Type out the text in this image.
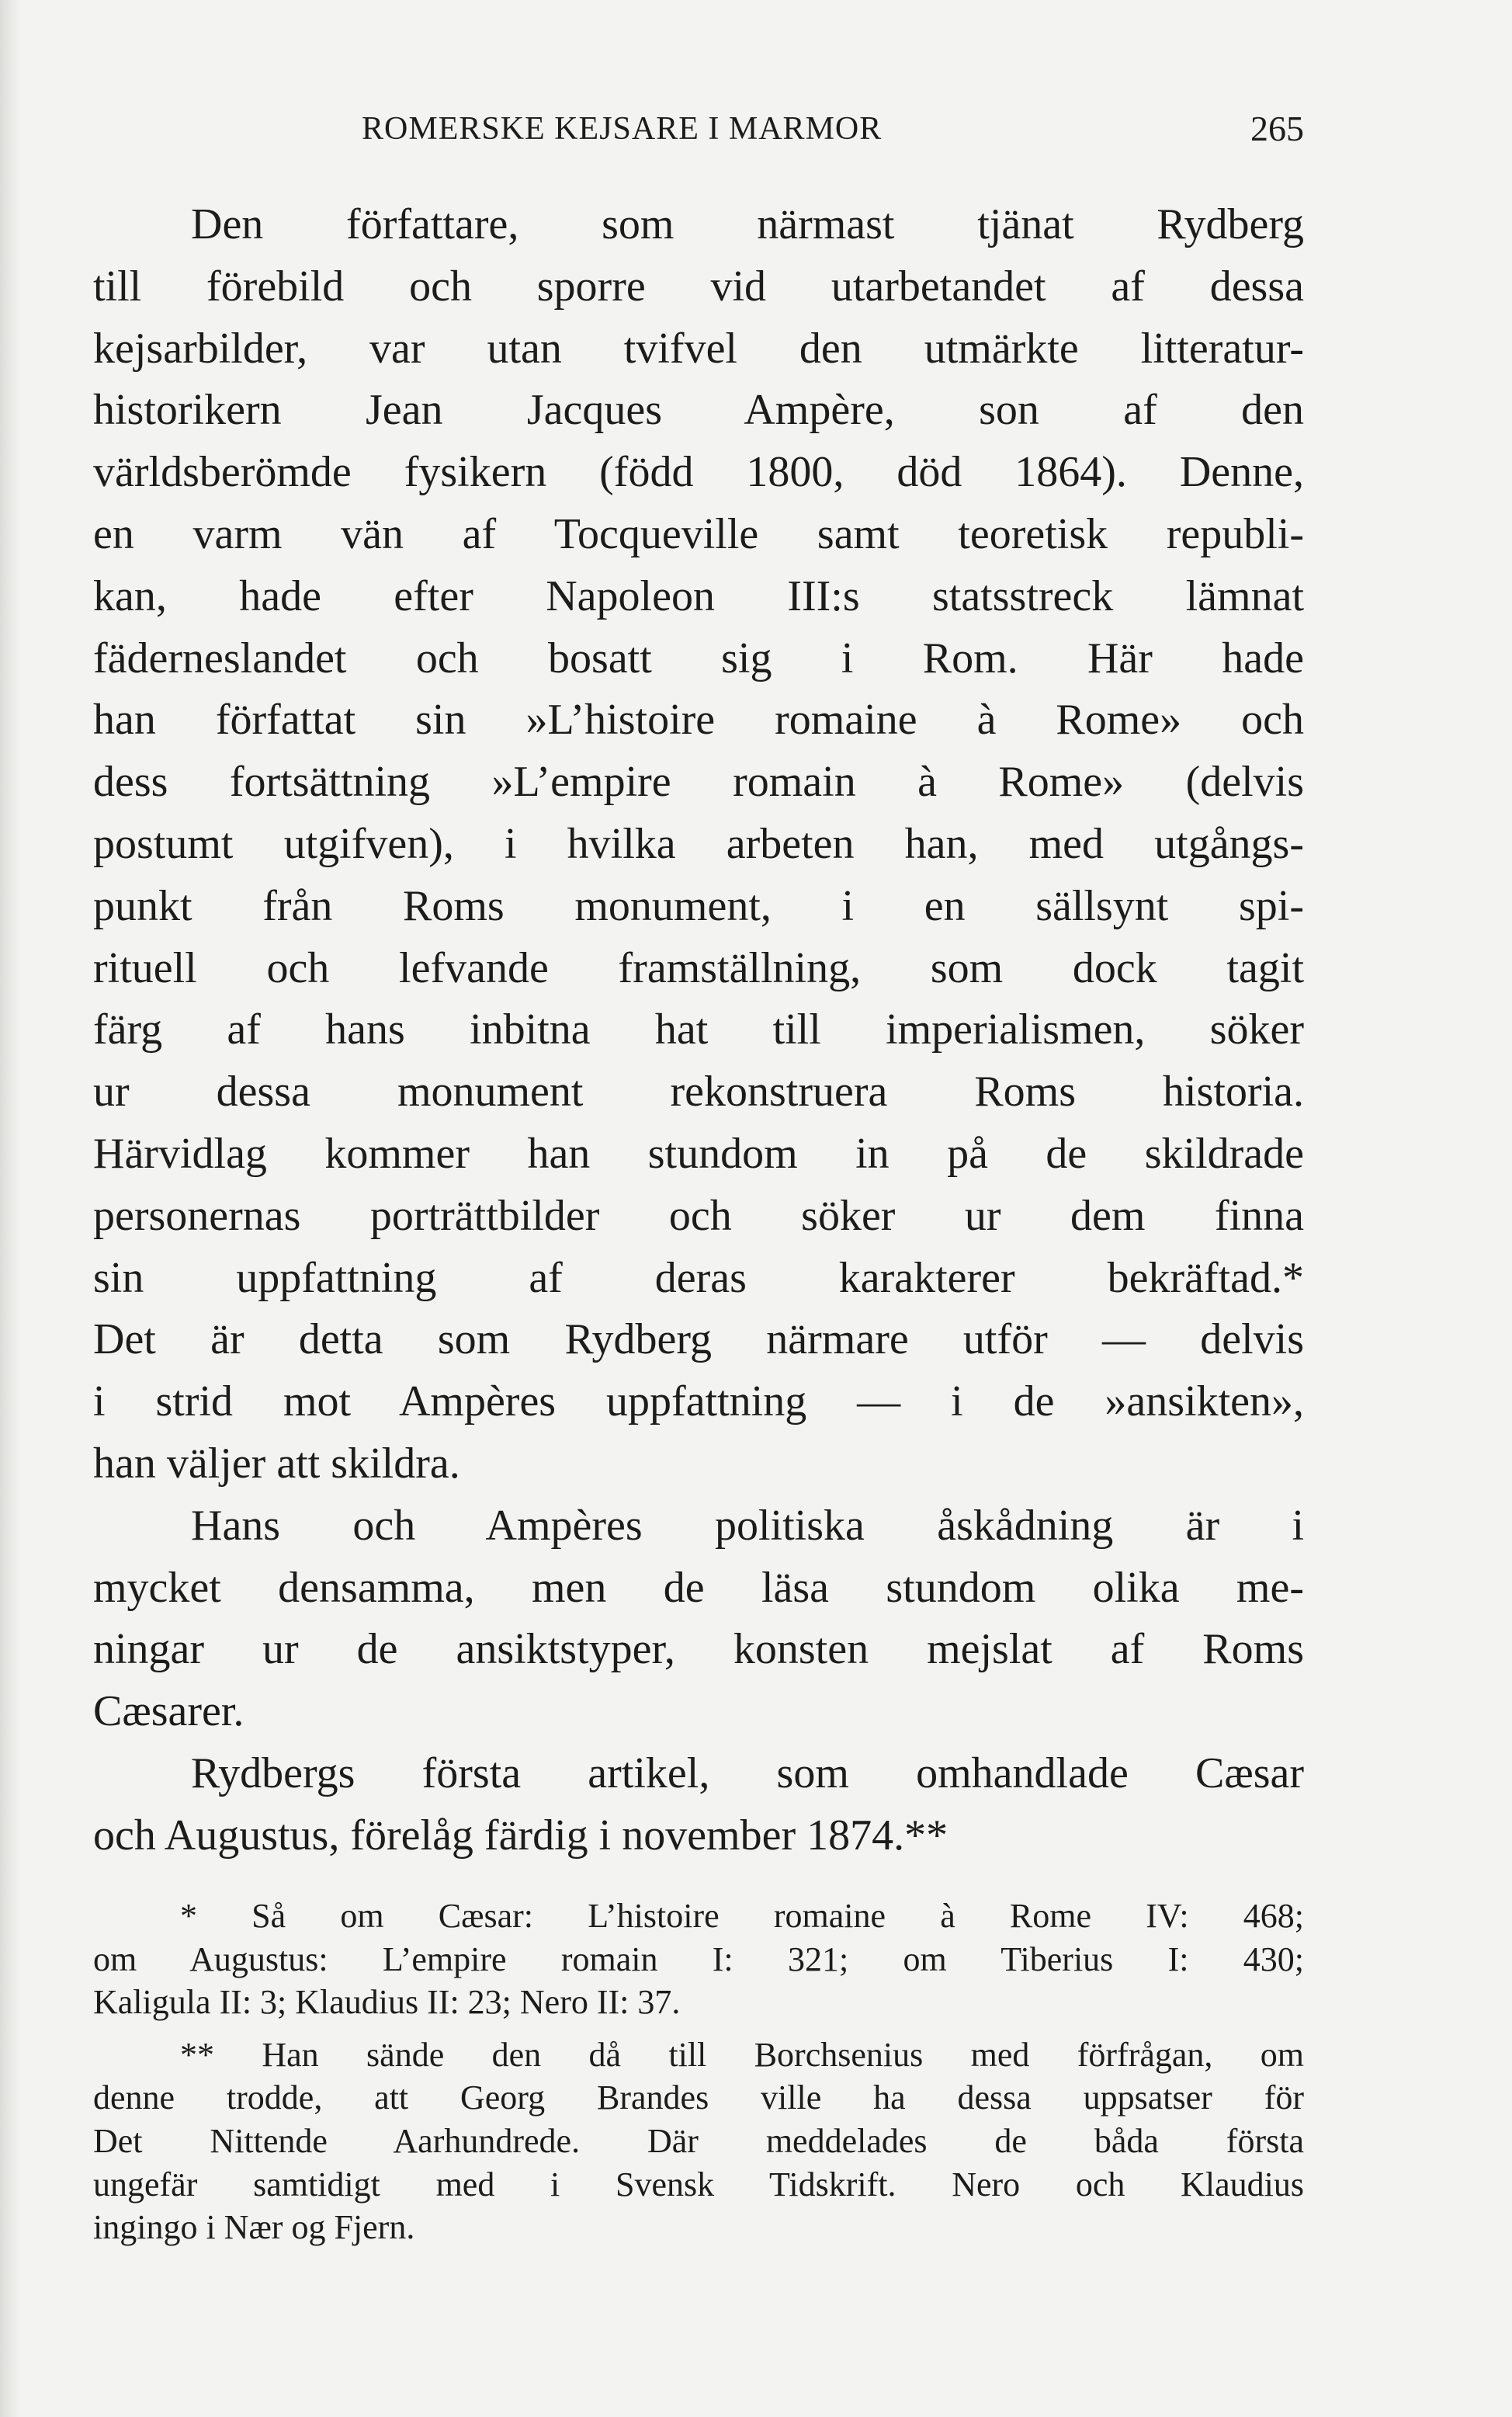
ROMERSKE KEJSARE I MARMOR	265
Den författare, som närmast tjänat Rydberg
till förebild och sporre vid utarbetandet af dessa
kejsarbilder, var utan tvifvel den utmärkte litteratur-
historikern Jean Jacques Ampère, son af den
världsberömde fysikern (född 1800, död 1864). Denne,
en varm vän af Tocqueville samt teoretisk republi-
kan, hade efter Napoleon III:s statsstreck lämnat
fäderneslandet och bosatt sig i Rom. Här hade
han författat sin »L’histoire romaine à Rome» och
dess fortsättning »L’empire romain à Rome» (delvis
postumt utgifven), i hvilka arbeten han, med utgångs-
punkt från Roms monument, i en sällsynt spi-
rituell och lefvande framställning, som dock tagit
färg af hans inbitna hat till imperialismen, söker
ur dessa monument rekonstruera Roms historia.
Härvidlag kommer han stundom in på de skildrade
personernas porträttbilder och söker ur dem finna
sin uppfattning af deras karakterer bekräftad.*
Det är detta som Rydberg närmare utför — delvis
i strid mot Ampères uppfattning — i de »ansikten»,
han väljer att skildra.
Hans och Ampères politiska åskådning är i
mycket densamma, men de läsa stundom olika me-
ningar ur de ansiktstyper, konsten mejslat af Roms
Cæsarer.
Rydbergs första artikel, som omhandlade Cæsar
och Augustus, förelåg färdig i november 1874.**
* Så om Cæsar: L’histoire romaine à Rome IV: 468;
om Augustus: L’empire romain I: 321; om Tiberius I: 430;
Kaligula II: 3; Klaudius II: 23; Nero II: 37.
** Han sände den då till Borchsenius med förfrågan, om
denne trodde, att Georg Brandes ville ha dessa uppsatser för
Det Nittende Aarhundrede. Där meddelades de båda första
ungefär samtidigt med i Svensk Tidskrift. Nero och Klaudius
ingingo i Nær og Fjern.
